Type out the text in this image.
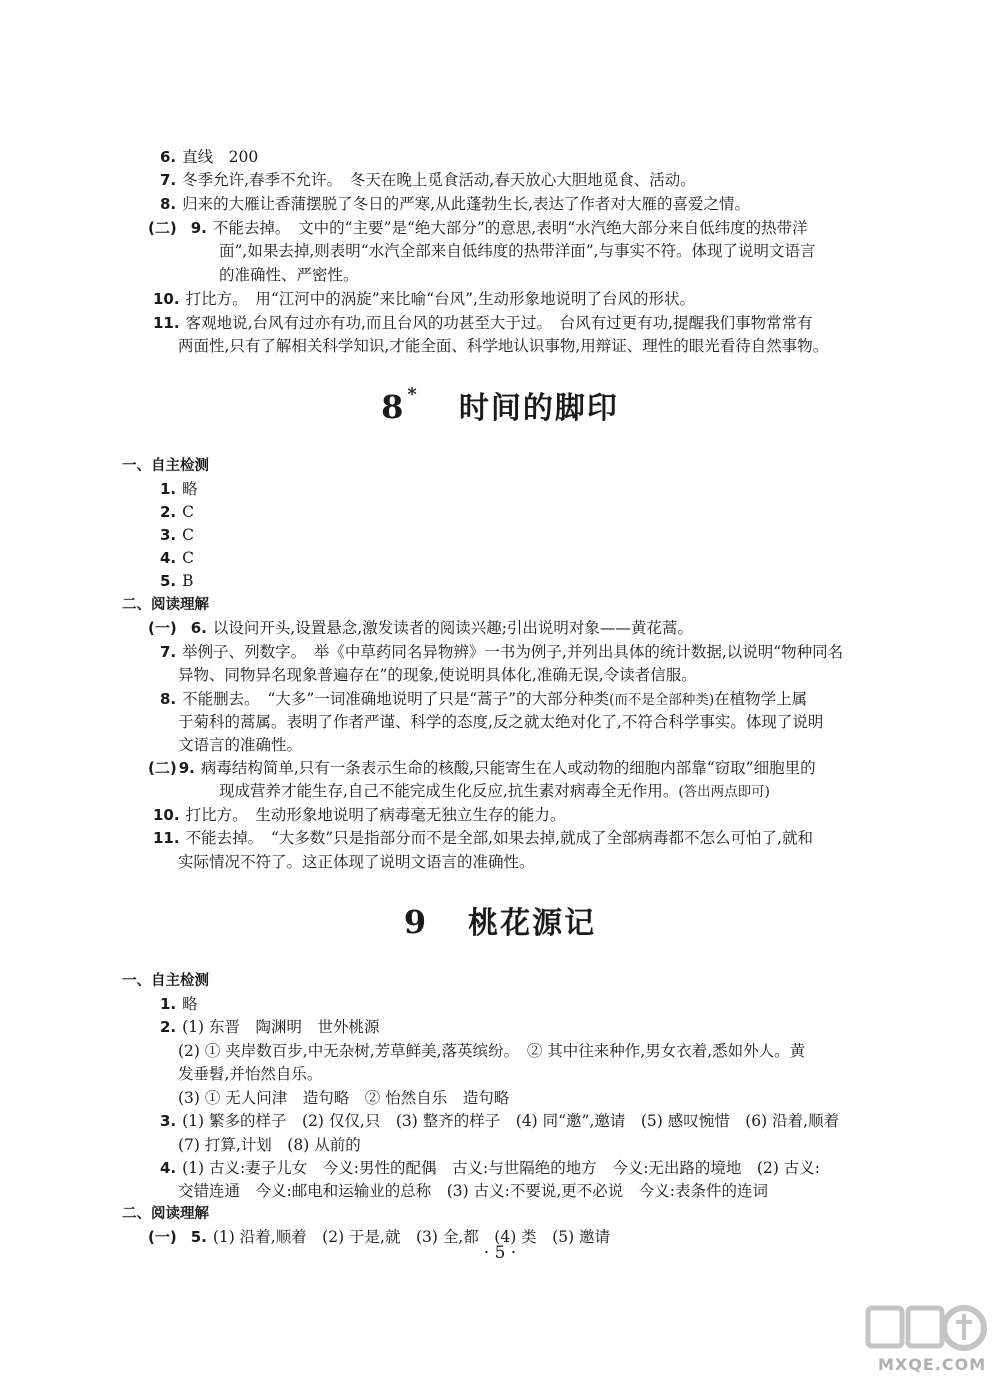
6. 直线　200
7. 冬季允许,春季不允许。　冬天在晚上觅食活动,春天放心大胆地觅食、活动。
8. 归来的大雁让香蒲摆脱了冬日的严寒,从此蓬勃生长,表达了作者对大雁的喜爱之情。
(二) 9. 不能去掉。　文中的“主要”是“绝大部分”的意思,表明“水汽绝大部分来自低纬度的热带洋
面”,如果去掉,则表明“水汽全部来自低纬度的热带洋面”,与事实不符。体现了说明文语言
的准确性、严密性。
10. 打比方。　用“江河中的涡旋”来比喻“台风”,生动形象地说明了台风的形状。
11. 客观地说,台风有过亦有功,而且台风的功甚至大于过。　台风有过更有功,提醒我们事物常常有
两面性,只有了解相关科学知识,才能全面、科学地认识事物,用辩证、理性的眼光看待自然事物。
8 * 时间的脚印
一、自主检测
1. 略
2. C
3. C
4. C
5. B
二、阅读理解
(一) 6. 以设问开头,设置悬念,激发读者的阅读兴趣;引出说明对象——黄花蒿。
7. 举例子、列数字。　举《中草药同名异物辨》一书为例子,并列出具体的统计数据,以说明“物种同名
异物、同物异名现象普遍存在”的现象,使说明具体化,准确无误,令读者信服。
8. 不能删去。　“大多”一词准确地说明了只是“蒿子”的大部分种类(而不是全部种类)在植物学上属
于菊科的蒿属。表明了作者严谨、科学的态度,反之就太绝对化了,不符合科学事实。体现了说明
文语言的准确性。
(二) 9. 病毒结构简单,只有一条表示生命的核酸,只能寄生在人或动物的细胞内部靠“窃取”细胞里的
现成营养才能生存,自己不能完成生化反应,抗生素对病毒全无作用。(答出两点即可)
10. 打比方。　生动形象地说明了病毒毫无独立生存的能力。
11. 不能去掉。　“大多数”只是指部分而不是全部,如果去掉,就成了全部病毒都不怎么可怕了,就和
实际情况不符了。这正体现了说明文语言的准确性。
9 桃花源记
一、自主检测
1. 略
2. (1) 东晋　陶渊明　世外桃源
(2) ① 夹岸数百步,中无杂树,芳草鲜美,落英缤纷。　② 其中往来种作,男女衣着,悉如外人。黄
发垂髫,并怡然自乐。
(3) ① 无人问津　造句略　② 怡然自乐　造句略
3. (1) 繁多的样子　(2) 仅仅,只　(3) 整齐的样子　(4) 同“邀”,邀请　(5) 感叹惋惜　(6) 沿着,顺着
(7) 打算,计划　(8) 从前的
4. (1) 古义:妻子儿女　今义:男性的配偶　古义:与世隔绝的地方　今义:无出路的境地　(2) 古义:
交错连通　今义:邮电和运输业的总称　(3) 古义:不要说,更不必说　今义:表条件的连词
二、阅读理解
(一) 5. (1) 沿着,顺着　(2) 于是,就　(3) 全,都　(4) 类　(5) 邀请
· 5 ·
MXQE.COM
